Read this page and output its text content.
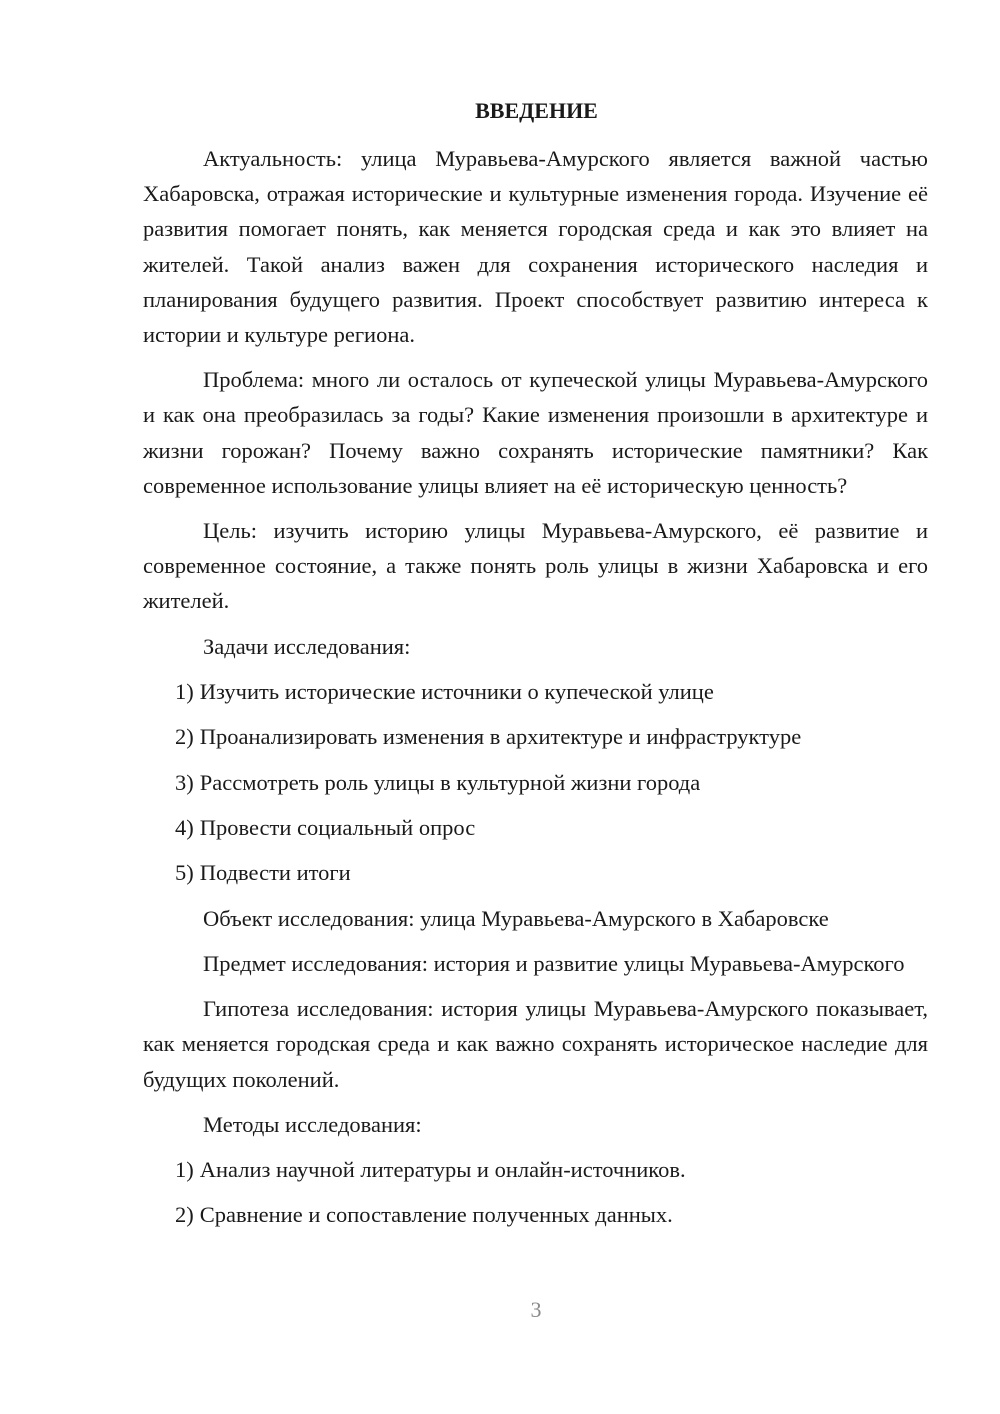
ВВЕДЕНИЕ

Актуальность: улица Муравьева-Амурского является важной частью Хабаровска, отражая исторические и культурные изменения города. Изучение её развития помогает понять, как меняется городская среда и как это влияет на жителей. Такой анализ важен для сохранения исторического наследия и планирования будущего развития. Проект способствует развитию интереса к истории и культуре региона.

Проблема: много ли осталось от купеческой улицы Муравьева-Амурского и как она преобразилась за годы? Какие изменения произошли в архитектуре и жизни горожан? Почему важно сохранять исторические памятники? Как современное использование улицы влияет на её историческую ценность?

Цель: изучить историю улицы Муравьева-Амурского, её развитие и современное состояние, а также понять роль улицы в жизни Хабаровска и его жителей.

Задачи исследования:

1) Изучить исторические источники о купеческой улице
2) Проанализировать изменения в архитектуре и инфраструктуре
3) Рассмотреть роль улицы в культурной жизни города
4) Провести социальный опрос
5) Подвести итоги

Объект исследования: улица Муравьева-Амурского в Хабаровске

Предмет исследования: история и развитие улицы Муравьева-Амурского

Гипотеза исследования: история улицы Муравьева-Амурского показывает, как меняется городская среда и как важно сохранять историческое наследие для будущих поколений.

Методы исследования:

1) Анализ научной литературы и онлайн-источников.
2) Сравнение и сопоставление полученных данных.
3
